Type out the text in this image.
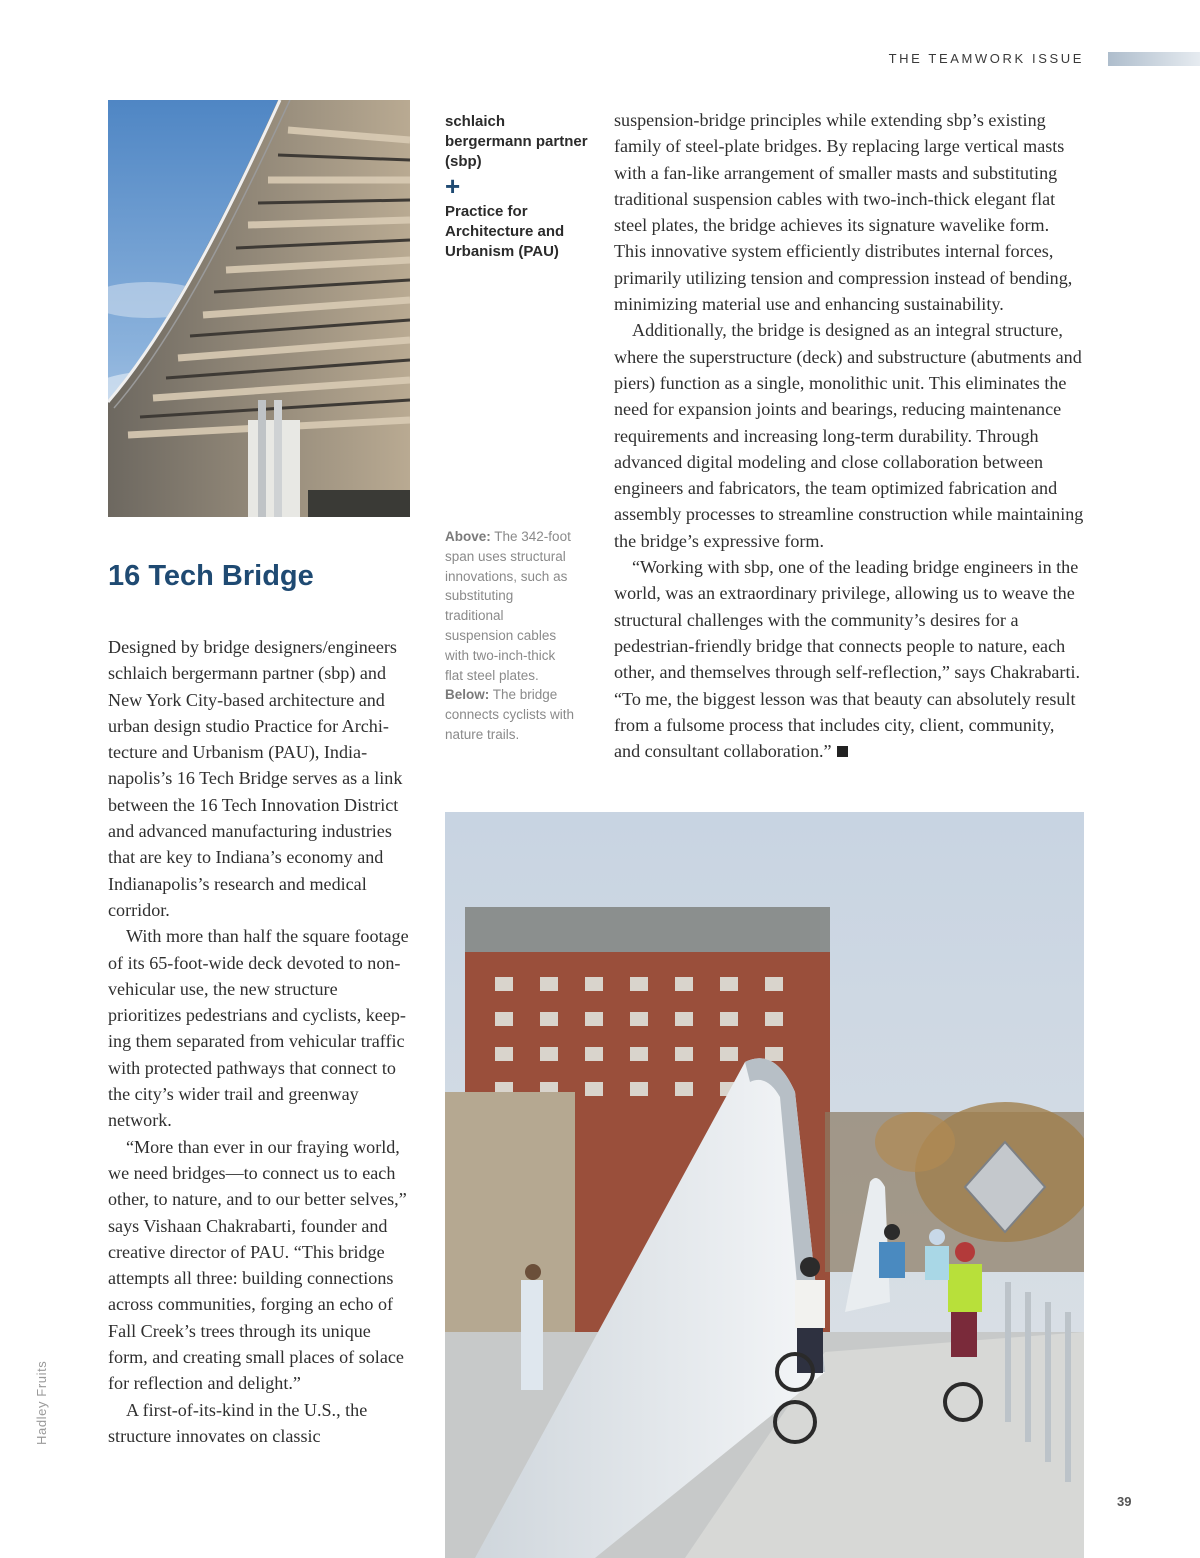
THE TEAMWORK ISSUE
schlaich bergermann partner (sbp)
+
Practice for Architecture and Urbanism (PAU)
Above: The 342-foot span uses structural innovations, such as substituting traditional suspension cables with two-inch-thick flat steel plates. Below: The bridge connects cyclists with nature trails.
16 Tech Bridge

Designed by bridge designers/engineers schlaich bergermann partner (sbp) and New York City-based architecture and urban design studio Practice for Architecture and Urbanism (PAU), Indianapolis’s 16 Tech Bridge serves as a link between the 16 Tech Innovation District and advanced manufacturing industries that are key to Indiana’s economy and Indianapolis’s research and medical corridor.

With more than half the square footage of its 65-foot-wide deck devoted to non-vehicular use, the new structure prioritizes pedestrians and cyclists, keeping them separated from vehicular traffic with protected pathways that connect to the city’s wider trail and greenway network.

“More than ever in our fraying world, we need bridges—to connect us to each other, to nature, and to our better selves,” says Vishaan Chakrabarti, founder and creative director of PAU. “This bridge attempts all three: building connections across communities, forging an echo of Fall Creek’s trees through its unique form, and creating small places of solace for reflection and delight.”

A first-of-its-kind in the U.S., the structure innovates on classic

suspension-bridge principles while extending sbp’s existing family of steel-plate bridges. By replacing large vertical masts with a fan-like arrangement of smaller masts and substituting traditional suspension cables with two-inch-thick elegant flat steel plates, the bridge achieves its signature wavelike form. This innovative system efficiently distributes internal forces, primarily utilizing tension and compression instead of bending, minimizing material use and enhancing sustainability.

Additionally, the bridge is designed as an integral structure, where the superstructure (deck) and substructure (abutments and piers) function as a single, monolithic unit. This eliminates the need for expansion joints and bearings, reducing maintenance requirements and increasing long-term durability. Through advanced digital modeling and close collaboration between engineers and fabricators, the team optimized fabrication and assembly processes to streamline construction while maintaining the bridge’s expressive form.

“Working with sbp, one of the leading bridge engineers in the world, was an extraordinary privilege, allowing us to weave the structural challenges with the community’s desires for a pedestrian-friendly bridge that connects people to nature, each other, and themselves through self-reflection,” says Chakrabarti. “To me, the biggest lesson was that beauty can absolutely result from a fulsome process that includes city, client, community, and consultant collaboration.”

Hadley Fruits
39
